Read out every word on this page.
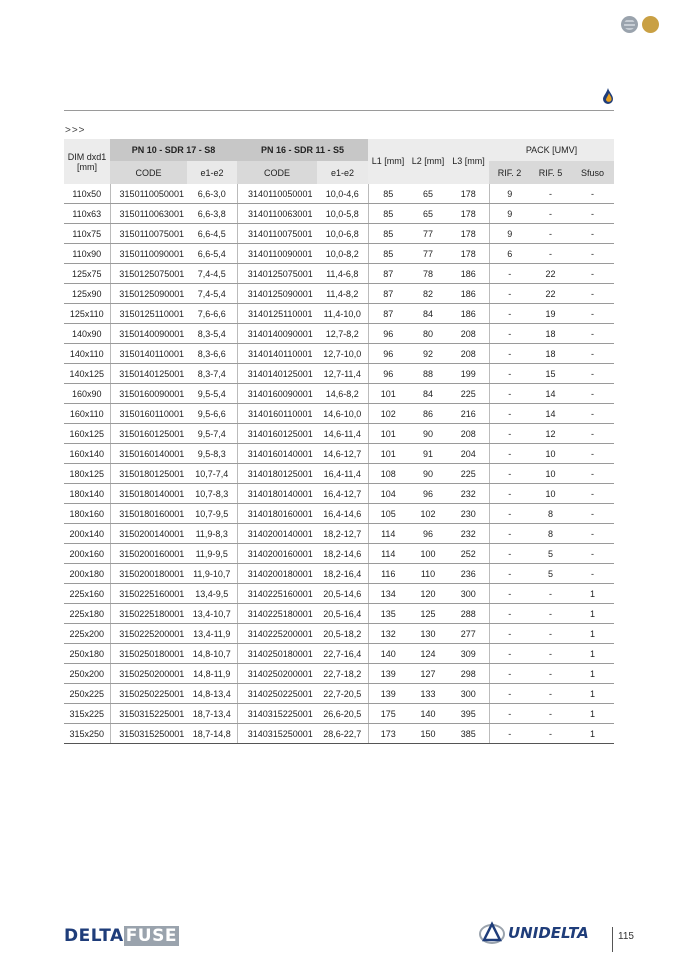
>>>
DIM dxd1 [mm]	PN 10 - SDR 17 - S8		PN 16 - SDR 11 - S5		L1 [mm]	L2 [mm]	L3 [mm]	PACK [UMV]		
	CODE	e1-e2	CODE	e1-e2				RIF. 2	RIF. 5	Sfuso
110x50	3150110050001	6,6-3,0	3140110050001	10,0-4,6	85	65	178	9	-	-
110x63	3150110063001	6,6-3,8	3140110063001	10,0-5,8	85	65	178	9	-	-
110x75	3150110075001	6,6-4,5	3140110075001	10,0-6,8	85	77	178	9	-	-
110x90	3150110090001	6,6-5,4	3140110090001	10,0-8,2	85	77	178	6	-	-
125x75	3150125075001	7,4-4,5	3140125075001	11,4-6,8	87	78	186	-	22	-
125x90	3150125090001	7,4-5,4	3140125090001	11,4-8,2	87	82	186	-	22	-
125x110	3150125110001	7,6-6,6	3140125110001	11,4-10,0	87	84	186	-	19	-
140x90	3150140090001	8,3-5,4	3140140090001	12,7-8,2	96	80	208	-	18	-
140x110	3150140110001	8,3-6,6	3140140110001	12,7-10,0	96	92	208	-	18	-
140x125	3150140125001	8,3-7,4	3140140125001	12,7-11,4	96	88	199	-	15	-
160x90	3150160090001	9,5-5,4	3140160090001	14,6-8,2	101	84	225	-	14	-
160x110	3150160110001	9,5-6,6	3140160110001	14,6-10,0	102	86	216	-	14	-
160x125	3150160125001	9,5-7,4	3140160125001	14,6-11,4	101	90	208	-	12	-
160x140	3150160140001	9,5-8,3	3140160140001	14,6-12,7	101	91	204	-	10	-
180x125	3150180125001	10,7-7,4	3140180125001	16,4-11,4	108	90	225	-	10	-
180x140	3150180140001	10,7-8,3	3140180140001	16,4-12,7	104	96	232	-	10	-
180x160	3150180160001	10,7-9,5	3140180160001	16,4-14,6	105	102	230	-	8	-
200x140	3150200140001	11,9-8,3	3140200140001	18,2-12,7	114	96	232	-	8	-
200x160	3150200160001	11,9-9,5	3140200160001	18,2-14,6	114	100	252	-	5	-
200x180	3150200180001	11,9-10,7	3140200180001	18,2-16,4	116	110	236	-	5	-
225x160	3150225160001	13,4-9,5	3140225160001	20,5-14,6	134	120	300	-	-	1
225x180	3150225180001	13,4-10,7	3140225180001	20,5-16,4	135	125	288	-	-	1
225x200	3150225200001	13,4-11,9	3140225200001	20,5-18,2	132	130	277	-	-	1
250x180	3150250180001	14,8-10,7	3140250180001	22,7-16,4	140	124	309	-	-	1
250x200	3150250200001	14,8-11,9	3140250200001	22,7-18,2	139	127	298	-	-	1
250x225	3150250225001	14,8-13,4	3140250225001	22,7-20,5	139	133	300	-	-	1
315x225	3150315225001	18,7-13,4	3140315225001	26,6-20,5	175	140	395	-	-	1
315x250	3150315250001	18,7-14,8	3140315250001	28,6-22,7	173	150	385	-	-	1
DELTA FUSE	UNIDELTA	115
